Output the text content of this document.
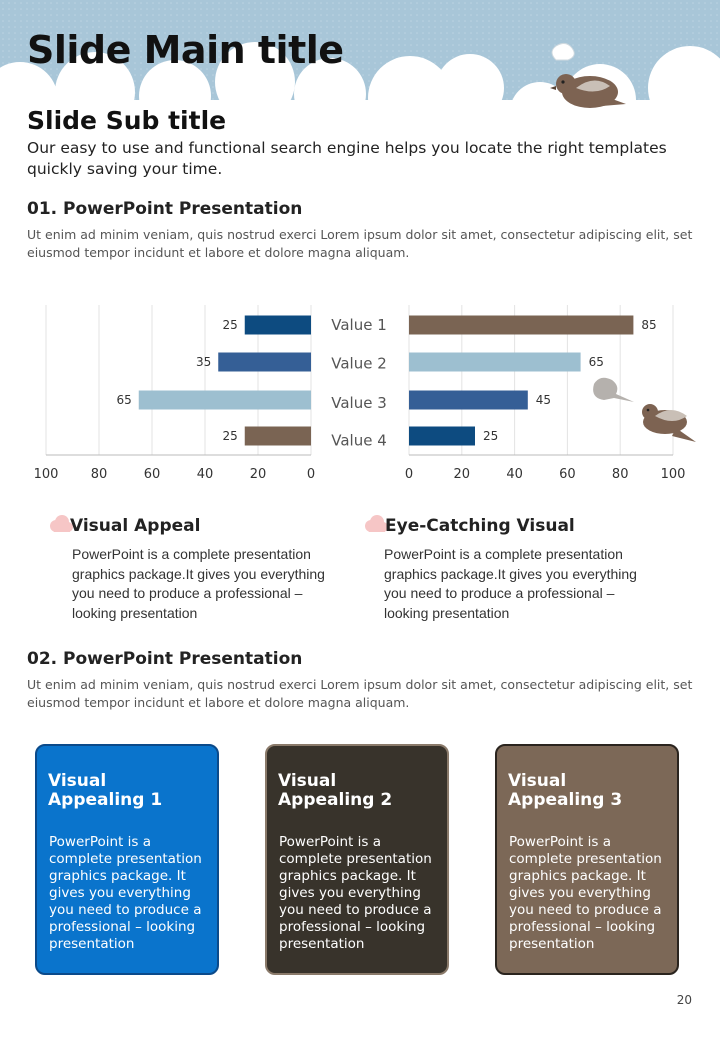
Slide Main title
Slide Sub title

Our easy to use and functional search engine helps you locate the right templates quickly saving your time.

01. PowerPoint Presentation

Ut enim ad minim veniam, quis nostrud exerci Lorem ipsum dolor sit amet, consectetur adipiscing elit, set eiusmod tempor incidunt et labore et dolore magna aliquam.

100 80	60	40	20	0
25
35
65
25
0	20	40	60	80 100
85
65
45
25
Value 1
Value 2
Value 3
Value 4
Visual Appeal
PowerPoint is a complete presentation graphics package.It gives you everything you need to produce a professional – looking presentation
Eye-Catching Visual
PowerPoint is a complete presentation graphics package.It gives you everything you need to produce a professional – looking presentation
02. PowerPoint Presentation

Ut enim ad minim veniam, quis nostrud exerci Lorem ipsum dolor sit amet, consectetur adipiscing elit, set eiusmod tempor incidunt et labore et dolore magna aliquam.

Visual
Appealing 1
PowerPoint is a complete presentation graphics package. It gives you everything you need to produce a professional – looking presentation
Visual
Appealing 2
PowerPoint is a complete presentation graphics package. It gives you everything you need to produce a professional – looking presentation
Visual
Appealing 3
PowerPoint is a complete presentation graphics package. It gives you everything you need to produce a professional – looking presentation
20
